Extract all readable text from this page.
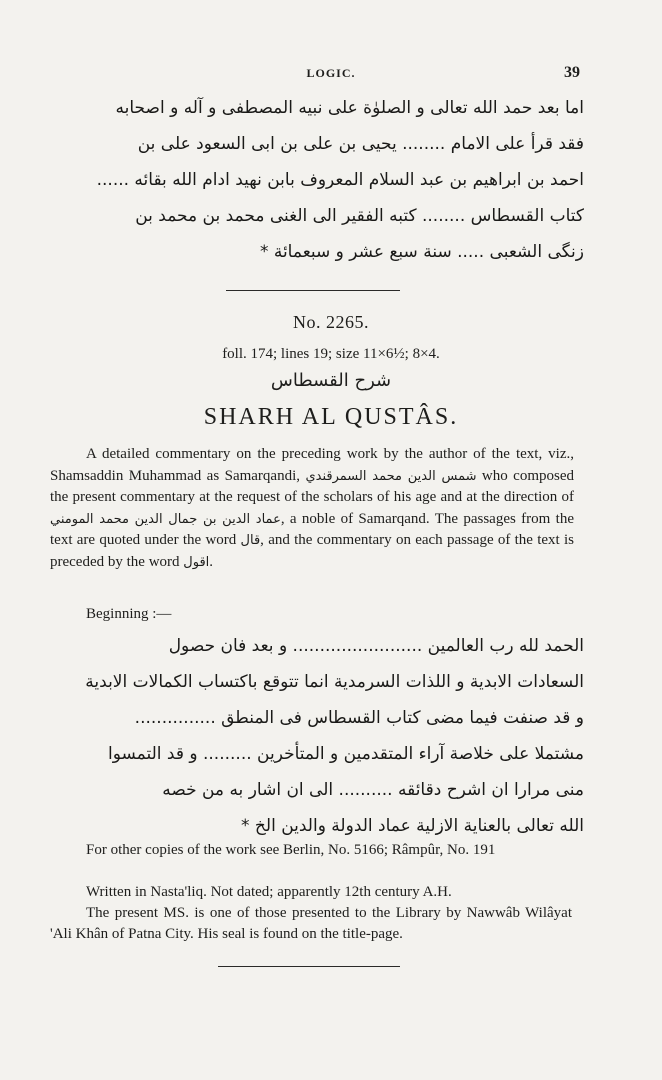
LOGIC.	39
اما بعد حمد الله تعالى و الصلوٰة على نبيه المصطفى و آله و اصحابه
فقد قرأ على الامام ........ يحيى بن على بن ابى السعود على بن
احمد بن ابراهيم بن عبد السلام المعروف بابن نهيد ادام الله بقائه ......
كتاب القسطاس ........ كتبه الفقير الى الغنى محمد بن محمد بن
زنگى الشعبى ..... سنة سبع عشر و سبعمائة *
No. 2265.
foll. 174; lines 19; size 11×6½; 8×4.
شرح القسطاس
SHARH AL QUSTÂS.
A detailed commentary on the preceding work by the author of the text, viz., Shamsaddin Muhammad as Samarqandi, شمس الدين محمد السمرقندي who composed the present commentary at the request of the scholars of his age and at the direction of عماد الدين بن جمال الدين محمد المومني, a noble of Samarqand. The passages from the text are quoted under the word قال, and the commentary on each passage of the text is preceded by the word اقول.
Beginning :—
الحمد لله رب العالمين ........................ و بعد فان حصول
السعادات الابدية و اللذات السرمدية انما تتوقع باكتساب الكمالات الابدية
و قد صنفت فيما مضى كتاب القسطاس فى المنطق ...............
مشتملا على خلاصة آراء المتقدمين و المتأخرين ......... و قد التمسوا
منى مرارا ان اشرح دقائقه .......... الى ان اشار به من خصه
الله تعالى بالعناية الازلية عماد الدولة والدين الخ *
For other copies of the work see Berlin, No. 5166; Râmpûr, No. 191
Written in Nasta'liq. Not dated; apparently 12th century A.H.
The present MS. is one of those presented to the Library by Nawwâb Wilâyat 'Ali Khân of Patna City. His seal is found on the title-page.
